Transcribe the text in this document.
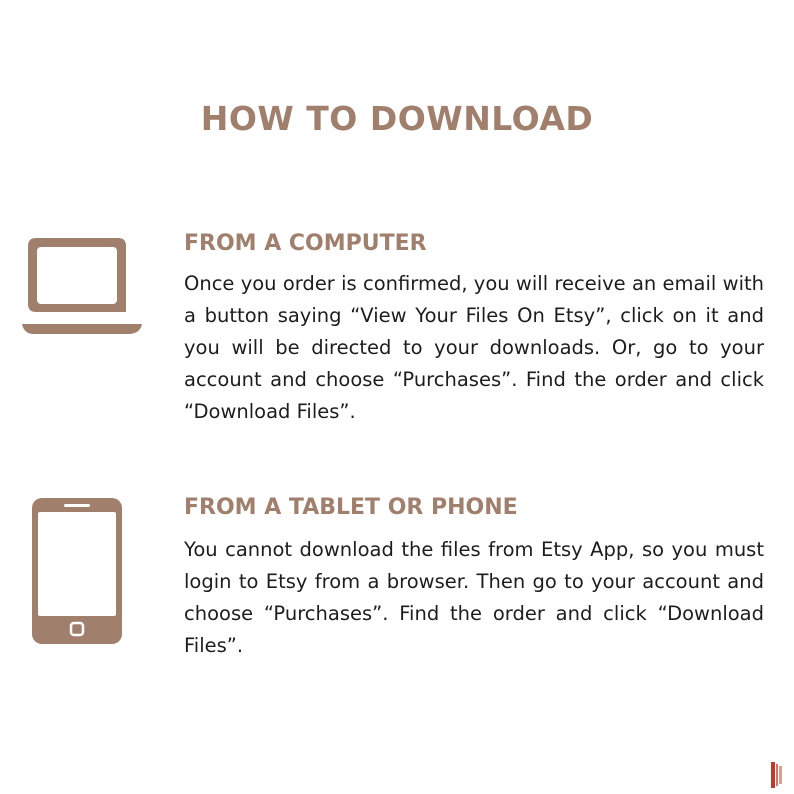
HOW TO DOWNLOAD
FROM A COMPUTER

Once you order is confirmed, you will receive an email with a button saying “View Your Files On Etsy”, click on it and you will be directed to your downloads. Or, go to your account and choose “Purchases”. Find the order and click “Download Files”.

FROM A TABLET OR PHONE

You cannot download the files from Etsy App, so you must login to Etsy from a browser. Then go to your account and choose “Purchases”. Find the order and click “Download Files”.
